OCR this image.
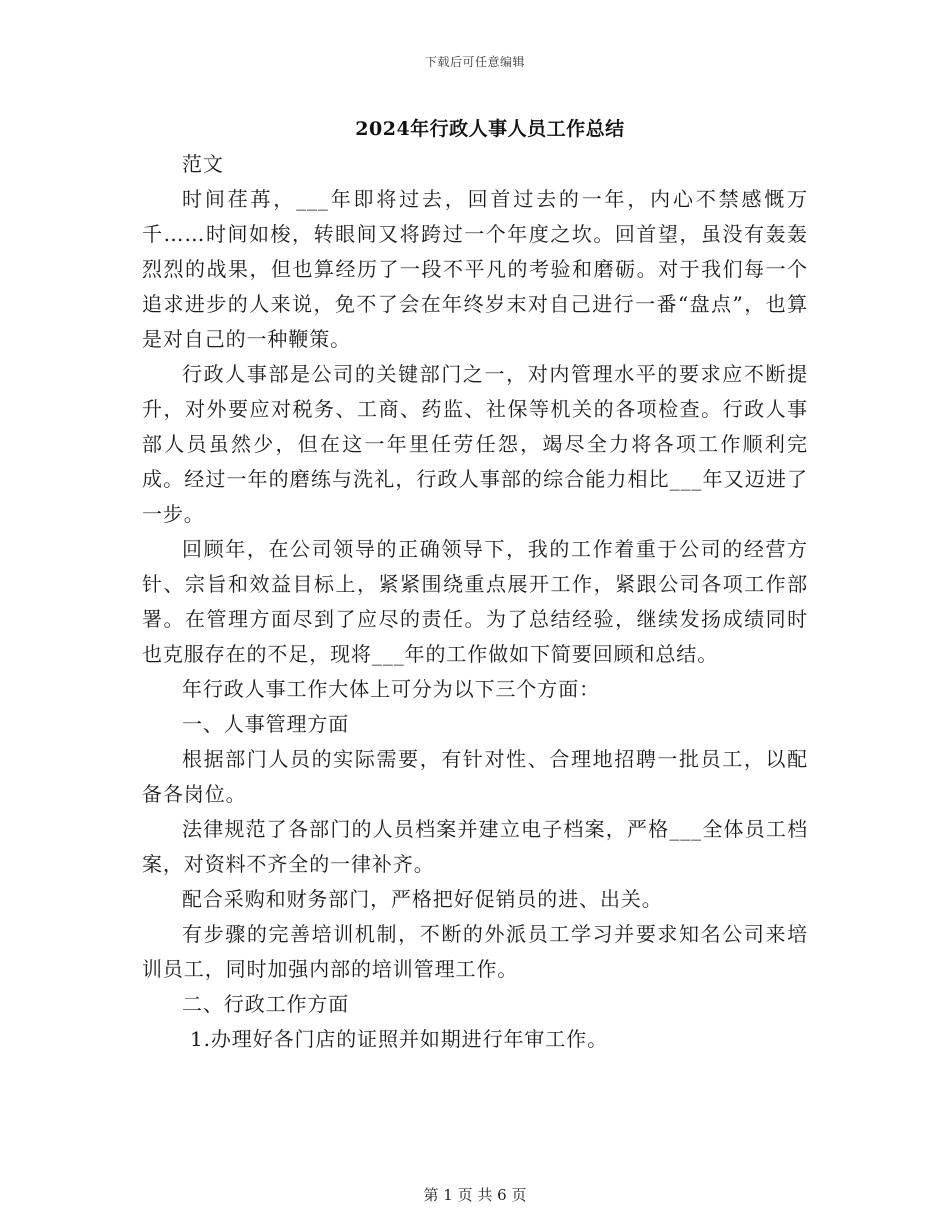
下载后可任意编辑
2024年行政人事人员工作总结

范文

时间荏苒，___年即将过去，回首过去的一年，内心不禁感慨万千……时间如梭，转眼间又将跨过一个年度之坎。回首望，虽没有轰轰烈烈的战果，但也算经历了一段不平凡的考验和磨砺。对于我们每一个追求进步的人来说，免不了会在年终岁末对自己进行一番“盘点”，也算是对自己的一种鞭策。

行政人事部是公司的关键部门之一，对内管理水平的要求应不断提升，对外要应对税务、工商、药监、社保等机关的各项检查。行政人事部人员虽然少，但在这一年里任劳任怨，竭尽全力将各项工作顺利完成。经过一年的磨练与洗礼，行政人事部的综合能力相比___年又迈进了一步。

回顾年，在公司领导的正确领导下，我的工作着重于公司的经营方针、宗旨和效益目标上，紧紧围绕重点展开工作，紧跟公司各项工作部署。在管理方面尽到了应尽的责任。为了总结经验，继续发扬成绩同时也克服存在的不足，现将___年的工作做如下简要回顾和总结。

年行政人事工作大体上可分为以下三个方面：

一、人事管理方面

根据部门人员的实际需要，有针对性、合理地招聘一批员工，以配备各岗位。

法律规范了各部门的人员档案并建立电子档案，严格___全体员工档案，对资料不齐全的一律补齐。

配合采购和财务部门，严格把好促销员的进、出关。

有步骤的完善培训机制，不断的外派员工学习并要求知名公司来培训员工，同时加强内部的培训管理工作。

二、行政工作方面

1.办理好各门店的证照并如期进行年审工作。

第 1 页 共 6 页
